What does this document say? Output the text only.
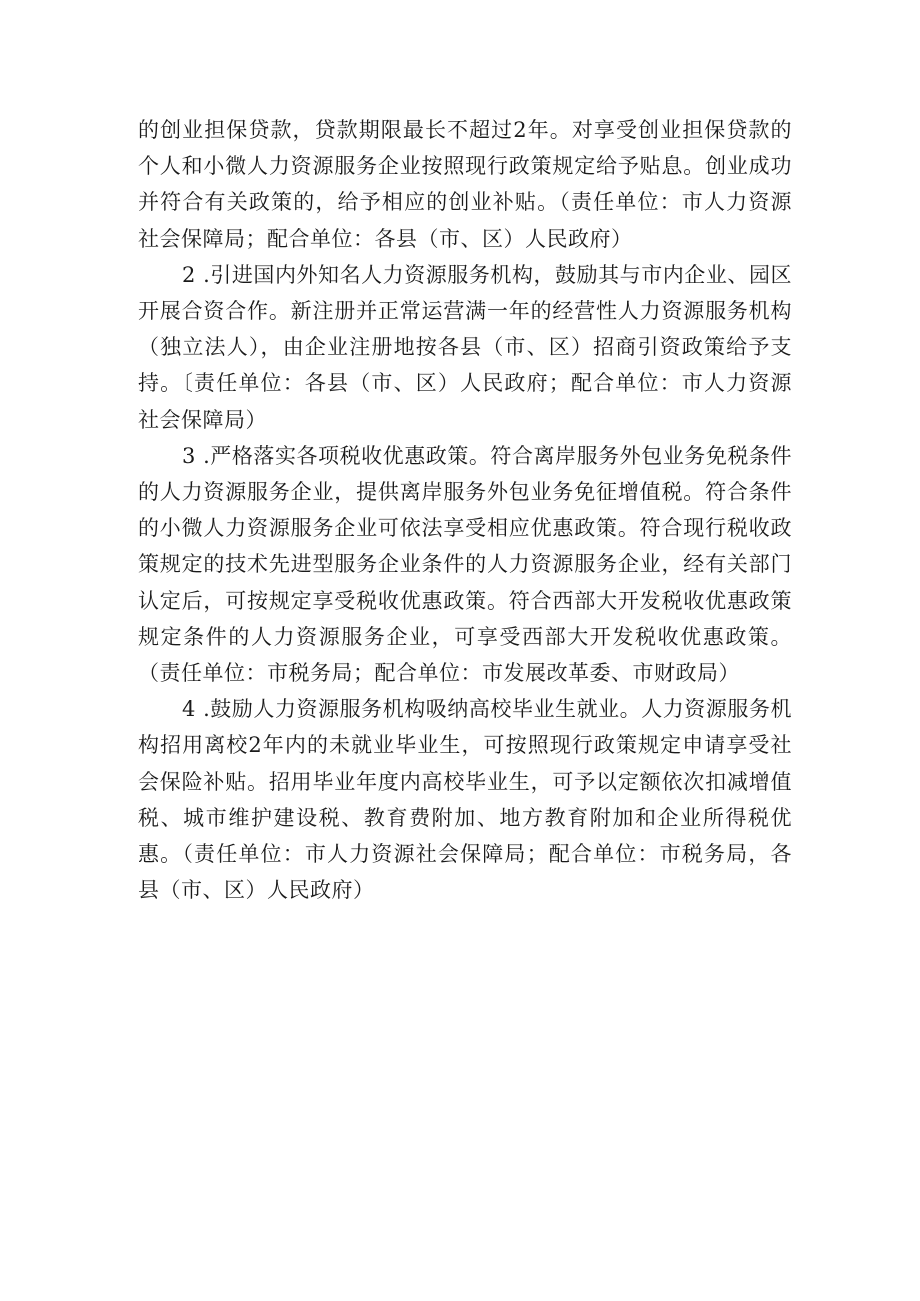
的创业担保贷款，贷款期限最长不超过2年。对享受创业担保贷款的个人和小微人力资源服务企业按照现行政策规定给予贴息。创业成功并符合有关政策的，给予相应的创业补贴。（责任单位：市人力资源社会保障局；配合单位：各县（市、区）人民政府）

2 .引进国内外知名人力资源服务机构，鼓励其与市内企业、园区开展合资合作。新注册并正常运营满一年的经营性人力资源服务机构（独立法人），由企业注册地按各县（市、区）招商引资政策给予支持。〔责任单位：各县（市、区）人民政府；配合单位：市人力资源社会保障局）

3 .严格落实各项税收优惠政策。符合离岸服务外包业务免税条件的人力资源服务企业，提供离岸服务外包业务免征增值税。符合条件的小微人力资源服务企业可依法享受相应优惠政策。符合现行税收政策规定的技术先进型服务企业条件的人力资源服务企业，经有关部门认定后，可按规定享受税收优惠政策。符合西部大开发税收优惠政策规定条件的人力资源服务企业，可享受西部大开发税收优惠政策。（责任单位：市税务局；配合单位：市发展改革委、市财政局）

4 .鼓励人力资源服务机构吸纳高校毕业生就业。人力资源服务机构招用离校2年内的未就业毕业生，可按照现行政策规定申请享受社会保险补贴。招用毕业年度内高校毕业生，可予以定额依次扣减增值税、城市维护建设税、教育费附加、地方教育附加和企业所得税优惠。（责任单位：市人力资源社会保障局；配合单位：市税务局，各县（市、区）人民政府）
